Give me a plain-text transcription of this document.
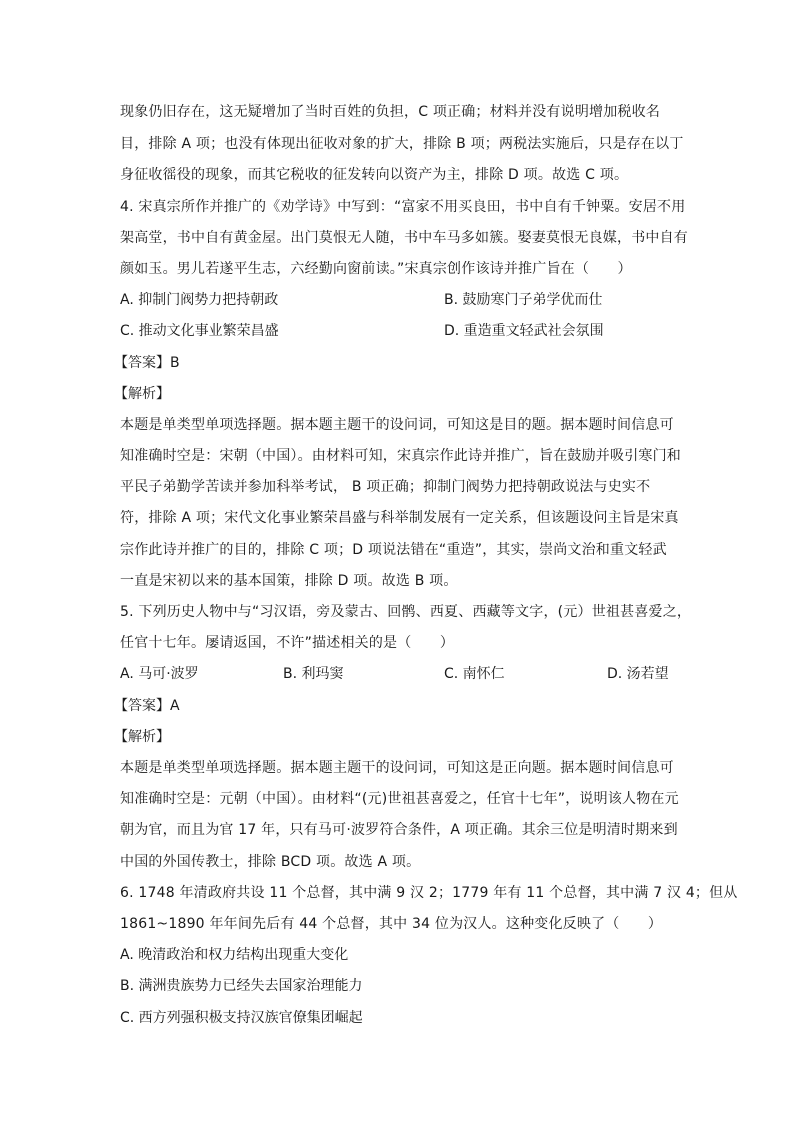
现象仍旧存在，这无疑增加了当时百姓的负担，C 项正确；材料并没有说明增加税收名
目，排除 A 项；也没有体现出征收对象的扩大，排除 B 项；两税法实施后，只是存在以丁
身征收徭役的现象，而其它税收的征发转向以资产为主，排除 D 项。故选 C 项。
4. 宋真宗所作并推广的《劝学诗》中写到：“富家不用买良田，书中自有千钟粟。安居不用
架高堂，书中自有黄金屋。出门莫恨无人随，书中车马多如簇。娶妻莫恨无良媒，书中自有
颜如玉。男儿若遂平生志，六经勤向窗前读。”宋真宗创作该诗并推广旨在（　　）
A. 抑制门阀势力把持朝政	B. 鼓励寒门子弟学优而仕
C. 推动文化事业繁荣昌盛	D. 重造重文轻武社会氛围
【答案】B
【解析】
本题是单类型单项选择题。据本题主题干的设问词，可知这是目的题。据本题时间信息可
知准确时空是：宋朝（中国）。由材料可知，宋真宗作此诗并推广，旨在鼓励并吸引寒门和
平民子弟勤学苦读并参加科举考试， B 项正确；抑制门阀势力把持朝政说法与史实不
符，排除 A 项；宋代文化事业繁荣昌盛与科举制发展有一定关系，但该题设问主旨是宋真
宗作此诗并推广的目的，排除 C 项；D 项说法错在“重造”，其实，崇尚文治和重文轻武
一直是宋初以来的基本国策，排除 D 项。故选 B 项。
5. 下列历史人物中与“习汉语，旁及蒙古、回鹘、西夏、西藏等文字，(元）世祖甚喜爱之，
任官十七年。屡请返国，不许”描述相关的是（　　）
A. 马可·波罗	B. 利玛窦	C. 南怀仁	D. 汤若望
【答案】A
【解析】
本题是单类型单项选择题。据本题主题干的设问词，可知这是正向题。据本题时间信息可
知准确时空是：元朝（中国）。由材料“(元)世祖甚喜爱之，任官十七年”，说明该人物在元
朝为官，而且为官 17 年，只有马可·波罗符合条件，A 项正确。其余三位是明清时期来到
中国的外国传教士，排除 BCD 项。故选 A 项。
6. 1748 年清政府共设 11 个总督，其中满 9 汉 2；1779 年有 11 个总督，其中满 7 汉 4；但从
1861~1890 年年间先后有 44 个总督，其中 34 位为汉人。这种变化反映了（　　）
A. 晚清政治和权力结构出现重大变化
B. 满洲贵族势力已经失去国家治理能力
C. 西方列强积极支持汉族官僚集团崛起
